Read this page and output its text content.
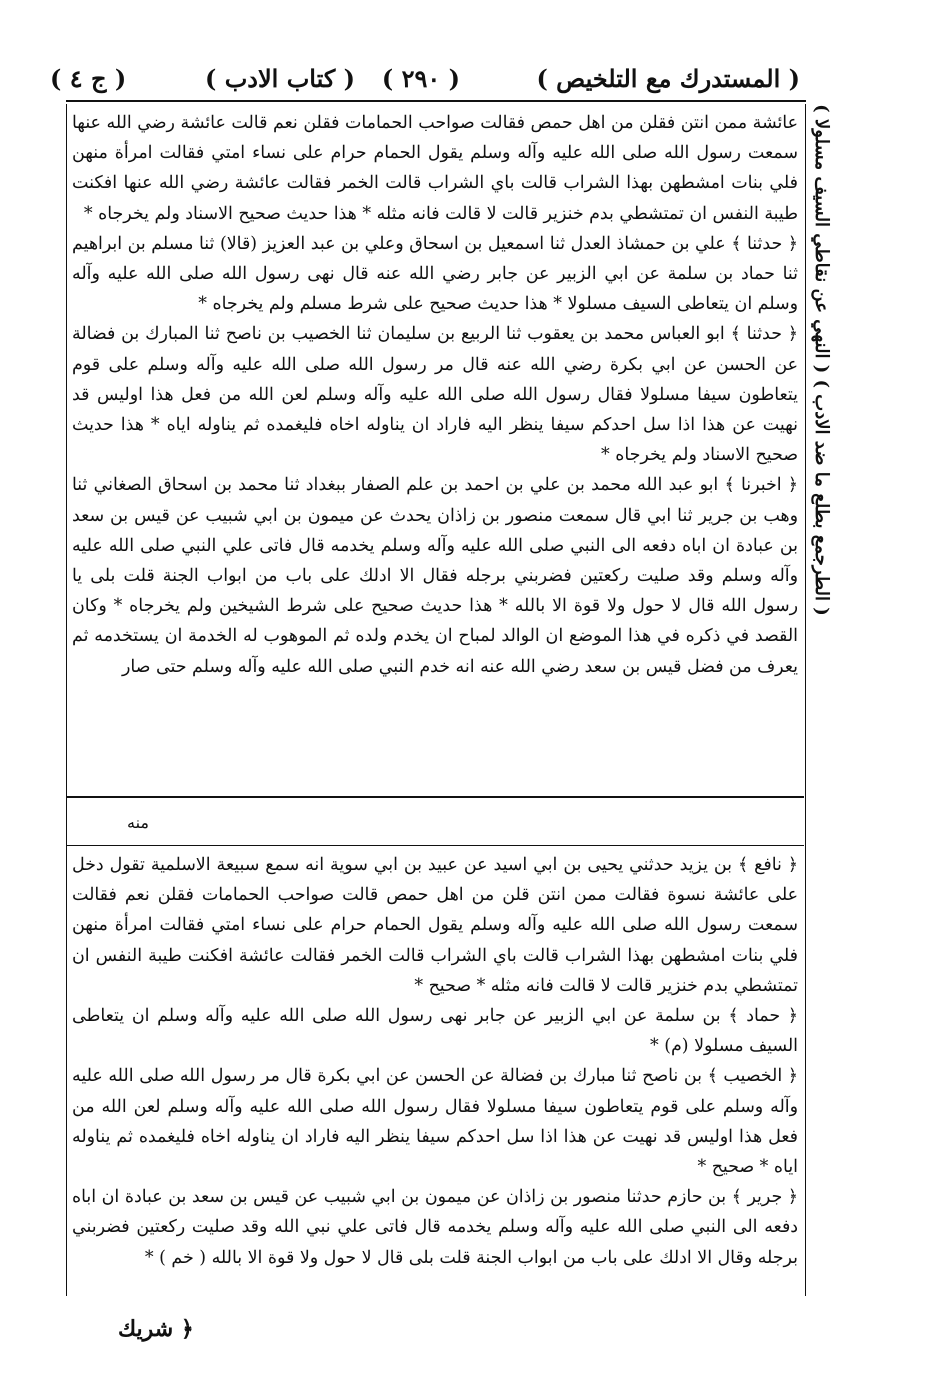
( المستدرك مع التلخيص )
( ٢٩٠ )
( كتاب الادب )
( ج ٤ )

عائشة ممن انتن فقلن من اهل حمص فقالت صواحب الحمامات فقلن نعم قالت عائشة رضي الله عنها سمعت رسول الله صلى الله عليه وآله وسلم يقول الحمام حرام على نساء امتي فقالت امرأة منهن فلي بنات امشطهن بهذا الشراب قالت باي الشراب قالت الخمر فقالت عائشة رضي الله عنها افكنت طيبة النفس ان تمتشطي بدم خنزير قالت لا قالت فانه مثله * هذا حديث صحيح الاسناد ولم يخرجاه *

﴿ حدثنا ﴾ علي بن حمشاذ العدل ثنا اسمعيل بن اسحاق وعلي بن عبد العزيز (قالا) ثنا مسلم بن ابراهيم ثنا حماد بن سلمة عن ابي الزبير عن جابر رضي الله عنه قال نهى رسول الله صلى الله عليه وآله وسلم ان يتعاطى السيف مسلولا * هذا حديث صحيح على شرط مسلم ولم يخرجاه *

﴿ حدثنا ﴾ ابو العباس محمد بن يعقوب ثنا الربيع بن سليمان ثنا الخصيب بن ناصح ثنا المبارك بن فضالة عن الحسن عن ابي بكرة رضي الله عنه قال مر رسول الله صلى الله عليه وآله وسلم على قوم يتعاطون سيفا مسلولا فقال رسول الله صلى الله عليه وآله وسلم لعن الله من فعل هذا اوليس قد نهيت عن هذا اذا سل احدكم سيفا ينظر اليه فاراد ان يناوله اخاه فليغمده ثم يناوله اياه * هذا حديث صحيح الاسناد ولم يخرجاه *

﴿ اخبرنا ﴾ ابو عبد الله محمد بن علي بن احمد بن علم الصفار ببغداد ثنا محمد بن اسحاق الصغاني ثنا وهب بن جرير ثنا ابي قال سمعت منصور بن زاذان يحدث عن ميمون بن ابي شبيب عن قيس بن سعد بن عبادة ان اباه دفعه الى النبي صلى الله عليه وآله وسلم يخدمه قال فاتى علي النبي صلى الله عليه وآله وسلم وقد صليت ركعتين فضربني برجله فقال الا ادلك على باب من ابواب الجنة قلت بلى يا رسول الله قال لا حول ولا قوة الا بالله * هذا حديث صحيح على شرط الشيخين ولم يخرجاه * وكان القصد في ذكره في هذا الموضع ان الوالد لمباح ان يخدم ولده ثم الموهوب له الخدمة ان يستخدمه ثم يعرف من فضل قيس بن سعد رضي الله عنه انه خدم النبي صلى الله عليه وآله وسلم حتى صار

منه

﴿ نافع ﴾ بن يزيد حدثني يحيى بن ابي اسيد عن عبيد بن ابي سوية انه سمع سبيعة الاسلمية تقول دخل على عائشة نسوة فقالت ممن انتن قلن من اهل حمص قالت صواحب الحمامات فقلن نعم فقالت سمعت رسول الله صلى الله عليه وآله وسلم يقول الحمام حرام على نساء امتي فقالت امرأة منهن فلي بنات امشطهن بهذا الشراب قالت باي الشراب قالت الخمر فقالت عائشة افكنت طيبة النفس ان تمتشطي بدم خنزير قالت لا قالت فانه مثله * صحيح *

﴿ حماد ﴾ بن سلمة عن ابي الزبير عن جابر نهى رسول الله صلى الله عليه وآله وسلم ان يتعاطى السيف مسلولا (م) *

﴿ الخصيب ﴾ بن ناصح ثنا مبارك بن فضالة عن الحسن عن ابي بكرة قال مر رسول الله صلى الله عليه وآله وسلم على قوم يتعاطون سيفا مسلولا فقال رسول الله صلى الله عليه وآله وسلم لعن الله من فعل هذا اوليس قد نهيت عن هذا اذا سل احدكم سيفا ينظر اليه فاراد ان يناوله اخاه فليغمده ثم يناوله اياه * صحيح *

﴿ جرير ﴾ بن حازم حدثنا منصور بن زاذان عن ميمون بن ابي شبيب عن قيس بن سعد بن عبادة ان اباه دفعه الى النبي صلى الله عليه وآله وسلم يخدمه قال فاتى علي نبي الله وقد صليت ركعتين فضربني برجله وقال الا ادلك على باب من ابواب الجنة قلت بلى قال لا حول ولا قوة الا بالله ( خم ) *

﴿ شريك
( الطرجمع بطلع ما ضد الادب ) ( النهي عن نقاطي السيف مسلولا )
